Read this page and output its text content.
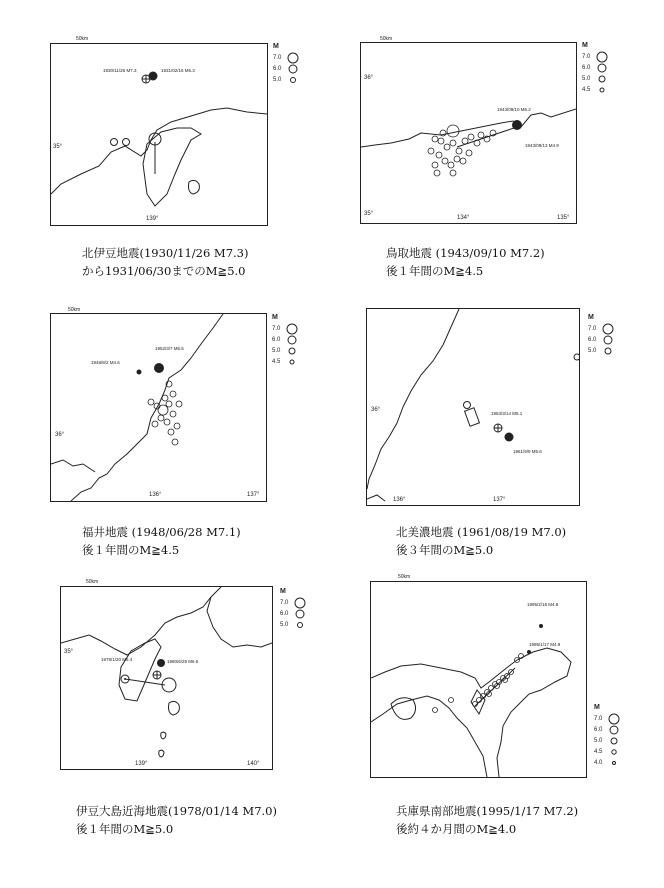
50km
1930/11/26 M7.3	1931/02/16 M5.3
35°
139°
M
7.0
6.0
5.0
北伊豆地震(1930/11/26 M7.3)
から1931/06/30までのM≧5.0
50km
1943/09/10 M6.2
1943/09/13 M4.9
36°
35°
134°	135°
M
7.0
6.0
5.0
4.5
鳥取地震 (1943/09/10 M7.2)
後１年間のM≧4.5
50km
1952/3/7 M6.5
1948/8/2 M4.6
36°
136°	137°
M
7.0
6.0
5.0
4.5
福井地震 (1948/06/28 M7.1)
後１年間のM≧4.5
1963/3/14 M5.1
1961/9/9 M5.6
36°
136°	137°
M
7.0
6.0
5.0
北美濃地震 (1961/08/19 M7.0)
後３年間のM≧5.0
50km
1978/1/20 M5.4	1980/6/29 M6.5
35°
139°	140°
M
7.0
6.0
5.0
伊豆大島近海地震(1978/01/14 M7.0)
後１年間のM≧5.0
50km
1995/2/18 M4.8
1995/1/17 M4.9
M
7.0
6.0
5.0
4.5
4.0
兵庫県南部地震(1995/1/17 M7.2)
後約４か月間のM≧4.0
